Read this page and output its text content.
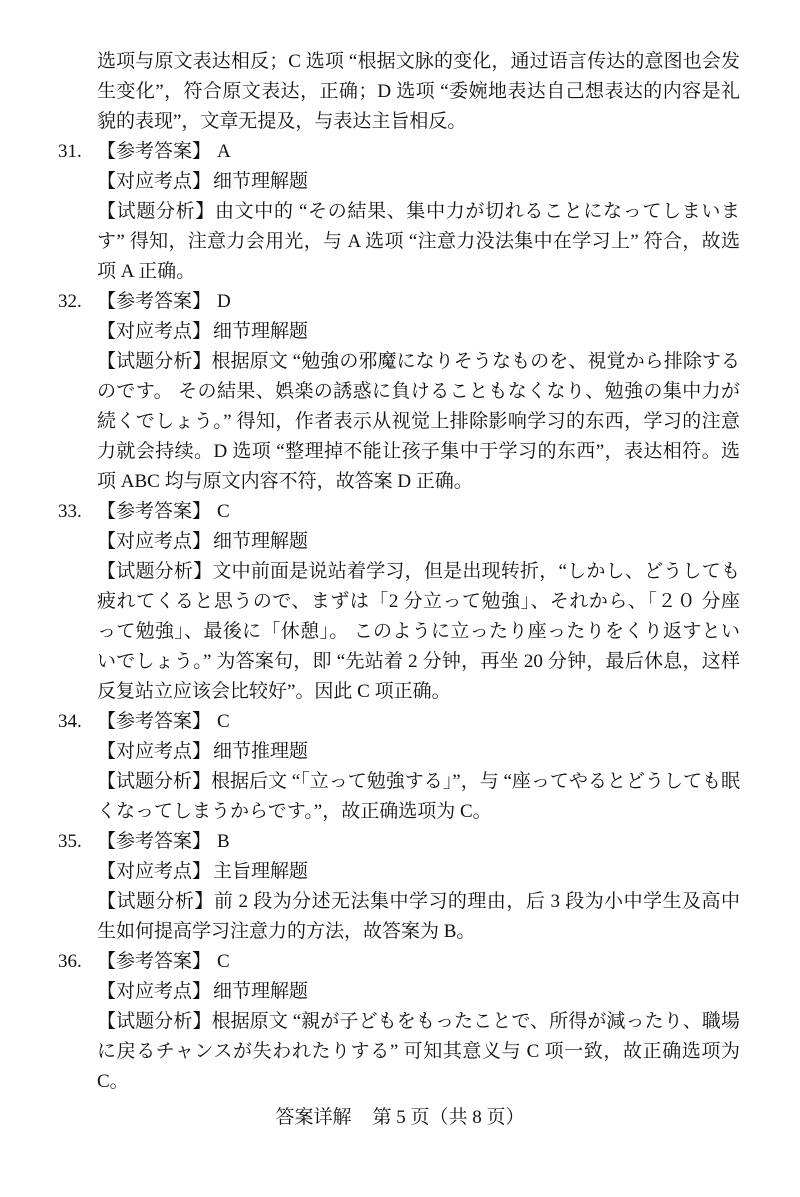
选项与原文表达相反；C 选项 “根据文脉的变化，通过语言传达的意图也会发生变化”，符合原文表达，正确；D 选项 “委婉地表达自己想表达的内容是礼貌的表现”，文章无提及，与表达主旨相反。

31. 【参考答案】 A

【对应考点】 细节理解题

【试题分析】由文中的 “その結果、集中力が切れることになってしまいます” 得知，注意力会用光，与 A 选项 “注意力没法集中在学习上” 符合，故选项 A 正确。

32. 【参考答案】 D

【对应考点】 细节理解题

【试题分析】根据原文 “勉強の邪魔になりそうなものを、視覚から排除するのです。 その結果、娯楽の誘惑に負けることもなくなり、勉強の集中力が続くでしょう。” 得知，作者表示从视觉上排除影响学习的东西，学习的注意力就会持续。D 选项 “整理掉不能让孩子集中于学习的东西”，表达相符。选项 ABC 均与原文内容不符，故答案 D 正确。

33. 【参考答案】 C

【对应考点】 细节理解题

【试题分析】文中前面是说站着学习，但是出现转折，“しかし、どうしても疲れてくると思うので、まずは「2 分立って勉強」、それから、「２０ 分座って勉強」、最後に「休憩」。 このように立ったり座ったりをくり返すといいでしょう。” 为答案句，即 “先站着 2 分钟，再坐 20 分钟，最后休息，这样反复站立应该会比较好”。因此 C 项正确。

34. 【参考答案】 C

【对应考点】 细节推理题

【试题分析】根据后文 “「立って勉強する」”，与 “座ってやるとどうしても眠くなってしまうからです。”，故正确选项为 C。

35. 【参考答案】 B

【对应考点】 主旨理解题

【试题分析】前 2 段为分述无法集中学习的理由，后 3 段为小中学生及高中生如何提高学习注意力的方法，故答案为 B。

36. 【参考答案】 C

【对应考点】 细节理解题

【试题分析】根据原文 “親が子どもをもったことで、所得が減ったり、職場に戻るチャンスが失われたりする” 可知其意义与 C 项一致，故正确选项为 C。

答案详解 第 5 页（共 8 页）
